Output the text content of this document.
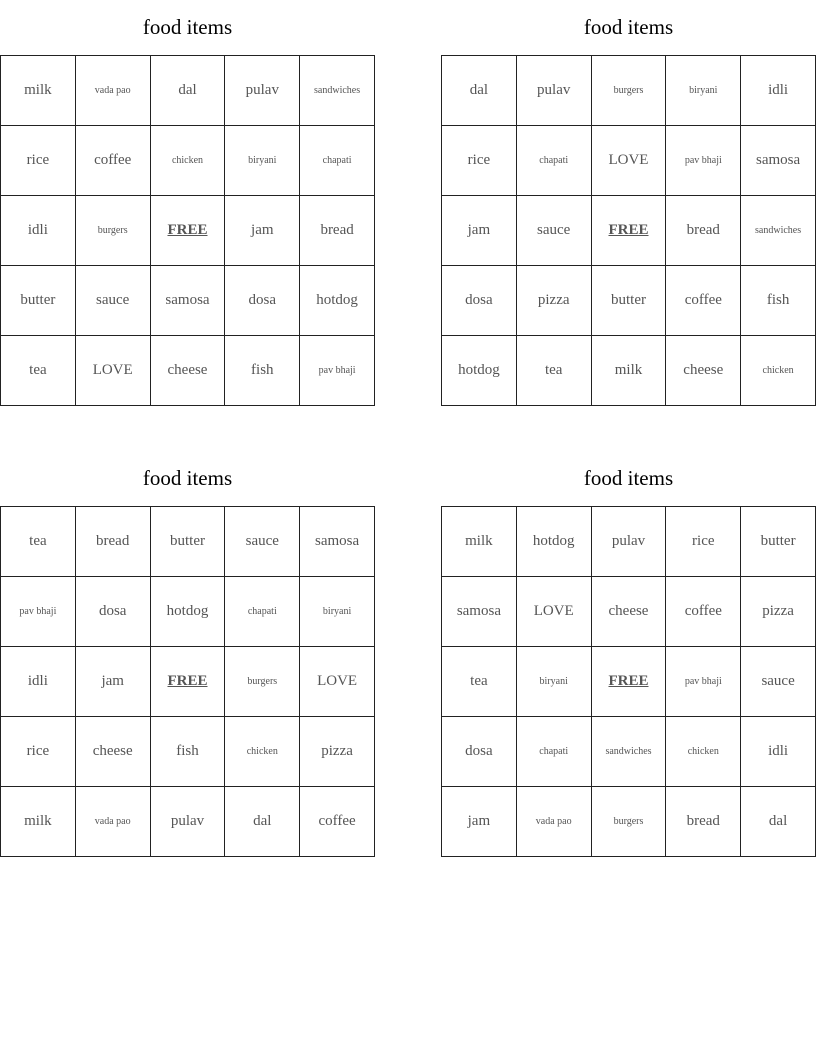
food items
milk	vada pao	dal	pulav	sandwiches
rice	coffee	chicken	biryani	chapati
idli	burgers	FREE	jam	bread
butter	sauce	samosa	dosa	hotdog
tea	LOVE	cheese	fish	pav bhaji
food items
dal	pulav	burgers	biryani	idli
rice	chapati	LOVE	pav bhaji	samosa
jam	sauce	FREE	bread	sandwiches
dosa	pizza	butter	coffee	fish
hotdog	tea	milk	cheese	chicken
food items
tea	bread	butter	sauce	samosa
pav bhaji	dosa	hotdog	chapati	biryani
idli	jam	FREE	burgers	LOVE
rice	cheese	fish	chicken	pizza
milk	vada pao	pulav	dal	coffee
food items
milk	hotdog	pulav	rice	butter
samosa	LOVE	cheese	coffee	pizza
tea	biryani	FREE	pav bhaji	sauce
dosa	chapati	sandwiches	chicken	idli
jam	vada pao	burgers	bread	dal
